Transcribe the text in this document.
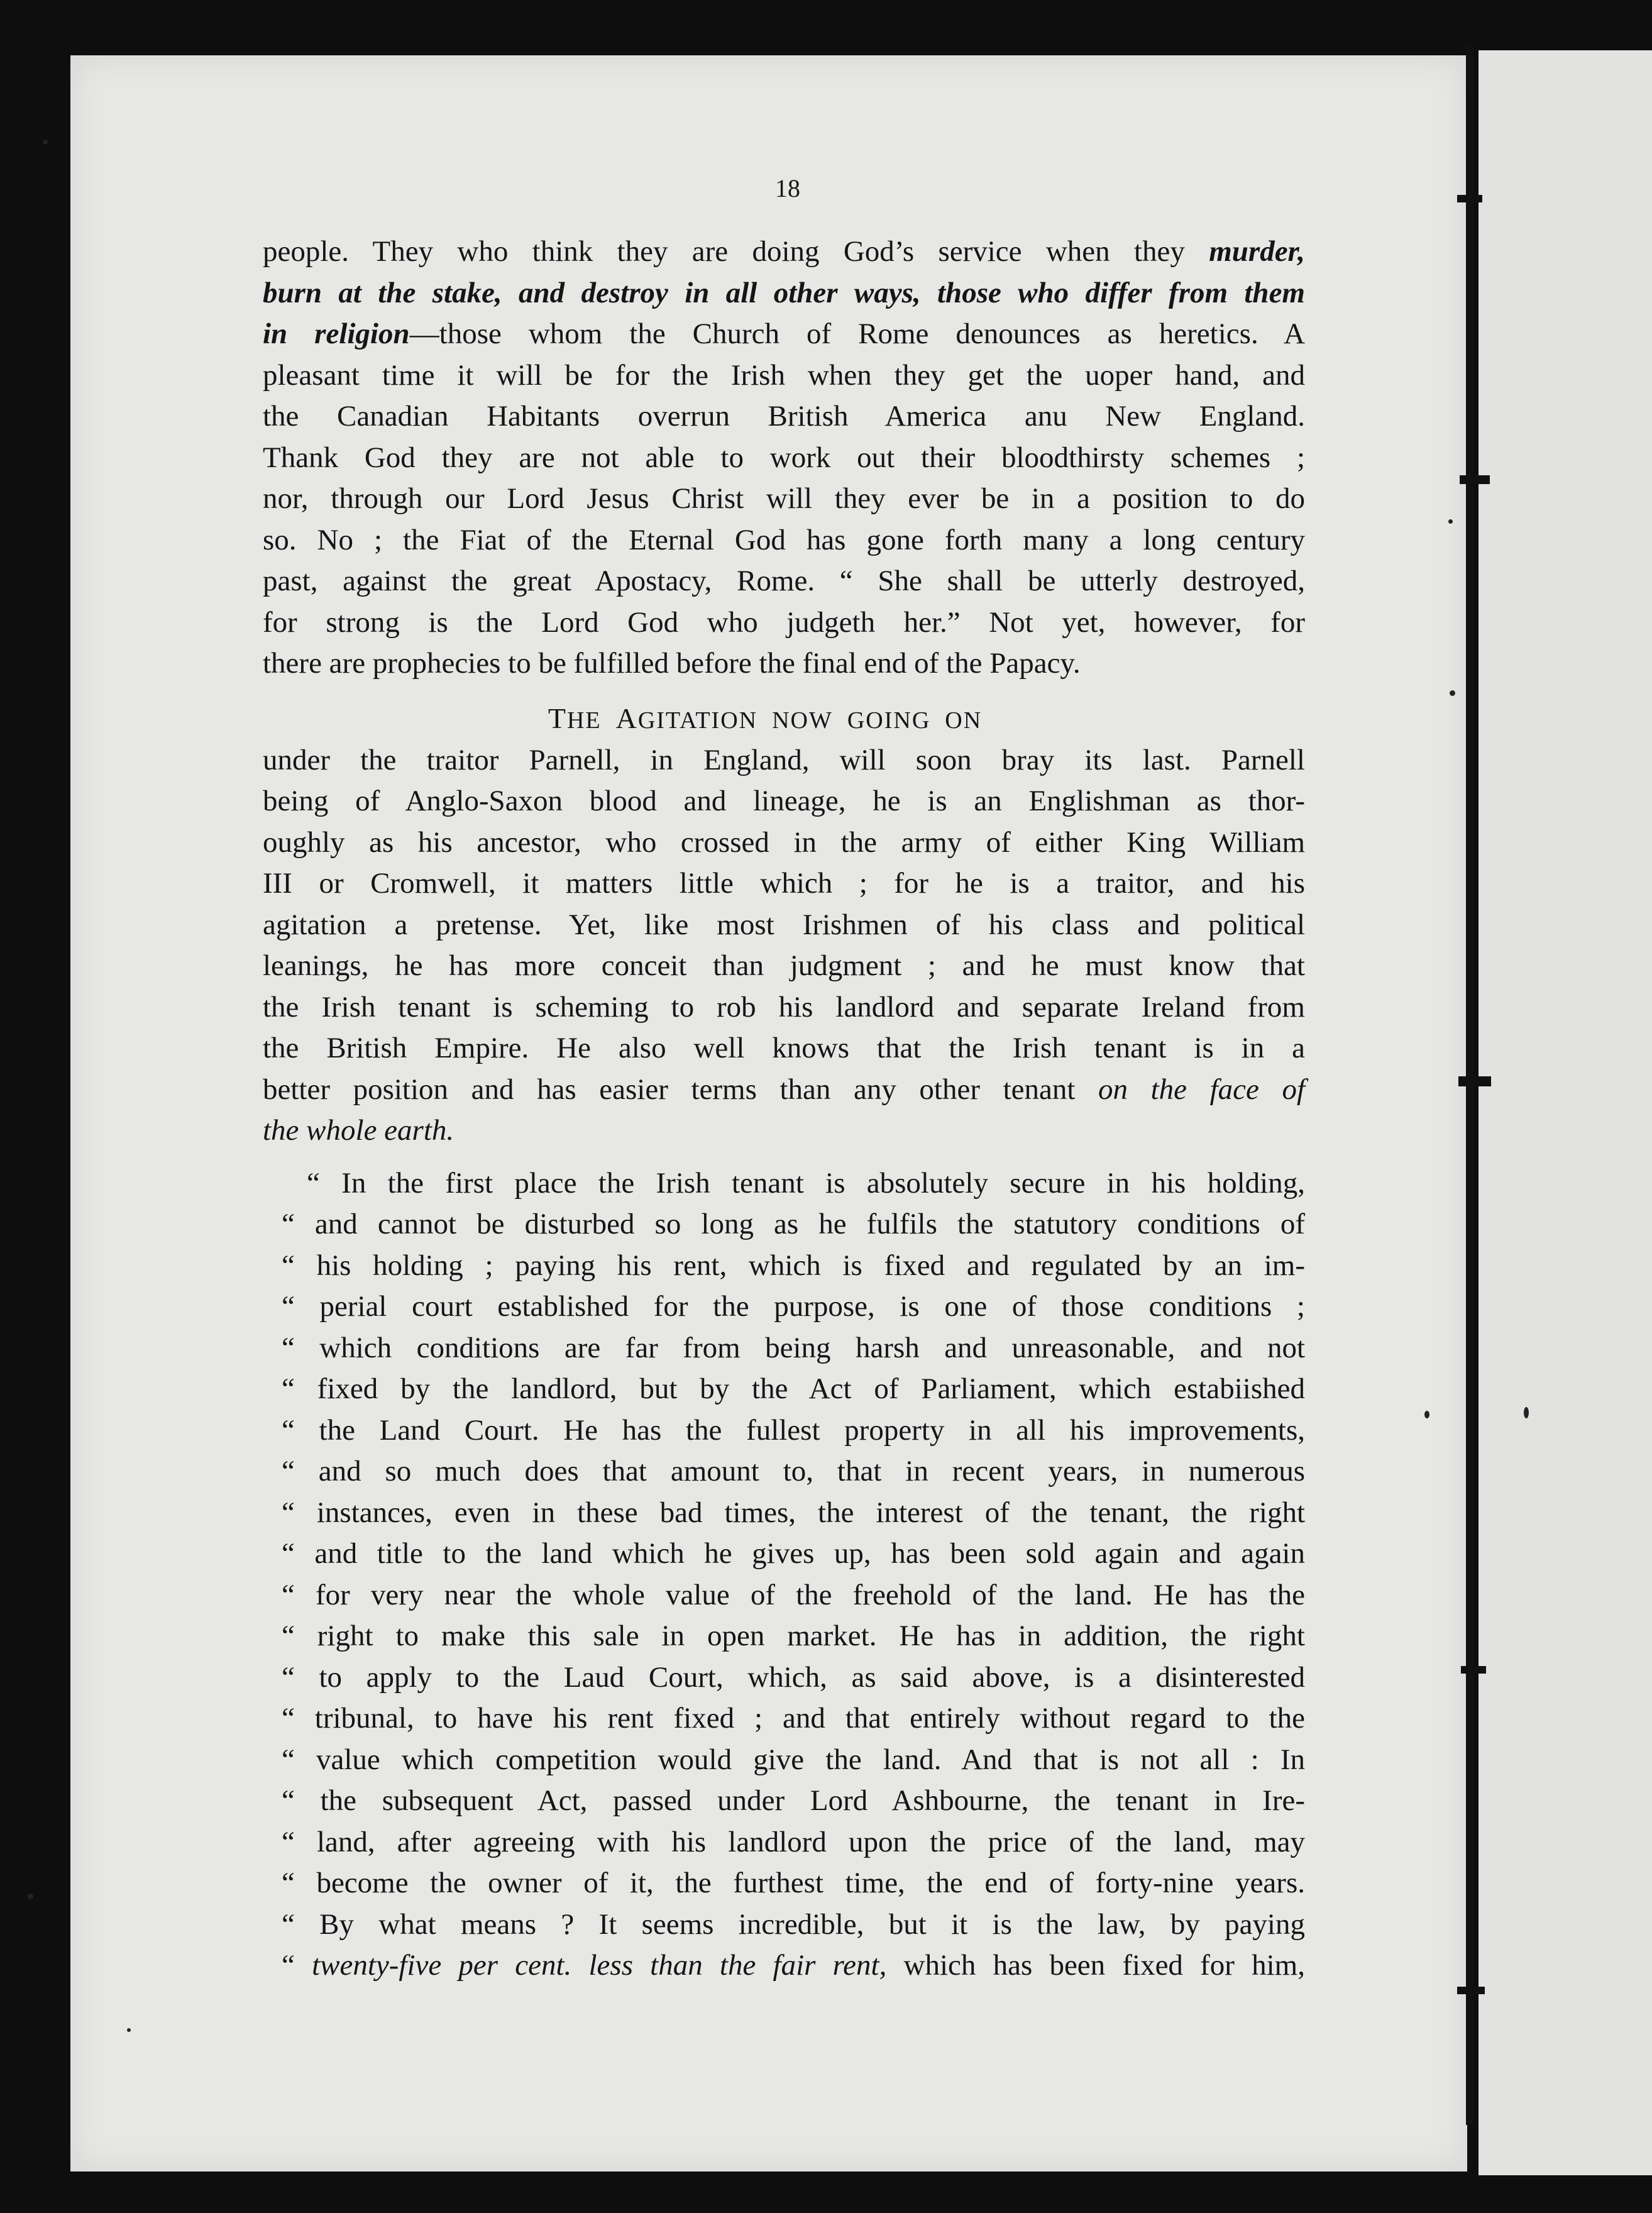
18
people. They who think they are doing God’s service when they murder,
burn at the stake, and destroy in all other ways, those who differ from them
in religion—those whom the Church of Rome denounces as heretics. A
pleasant time it will be for the Irish when they get the uoper hand, and
the Canadian Habitants overrun British America anu New England.
Thank God they are not able to work out their bloodthirsty schemes ;
nor, through our Lord Jesus Christ will they ever be in a position to do
so. No ; the Fiat of the Eternal God has gone forth many a long century
past, against the great Apostacy, Rome. “ She shall be utterly destroyed,
for strong is the Lord God who judgeth her.” Not yet, however, for
there are prophecies to be fulfilled before the final end of the Papacy.
THE AGITATION NOW GOING ON
under the traitor Parnell, in England, will soon bray its last. Parnell
being of Anglo-Saxon blood and lineage, he is an Englishman as thor-
oughly as his ancestor, who crossed in the army of either King William
III or Cromwell, it matters little which ; for he is a traitor, and his
agitation a pretense. Yet, like most Irishmen of his class and political
leanings, he has more conceit than judgment ; and he must know that
the Irish tenant is scheming to rob his landlord and separate Ireland from
the British Empire. He also well knows that the Irish tenant is in a
better position and has easier terms than any other tenant on the face of
the whole earth.
“ In the first place the Irish tenant is absolutely secure in his holding,
“ and cannot be disturbed so long as he fulfils the statutory conditions of
“ his holding ; paying his rent, which is fixed and regulated by an im-
“ perial court established for the purpose, is one of those conditions ;
“ which conditions are far from being harsh and unreasonable, and not
“ fixed by the landlord, but by the Act of Parliament, which estabiished
“ the Land Court. He has the fullest property in all his improvements,
“ and so much does that amount to, that in recent years, in numerous
“ instances, even in these bad times, the interest of the tenant, the right
“ and title to the land which he gives up, has been sold again and again
“ for very near the whole value of the freehold of the land. He has the
“ right to make this sale in open market. He has in addition, the right
“ to apply to the Laud Court, which, as said above, is a disinterested
“ tribunal, to have his rent fixed ; and that entirely without regard to the
“ value which competition would give the land. And that is not all : In
“ the subsequent Act, passed under Lord Ashbourne, the tenant in Ire-
“ land, after agreeing with his landlord upon the price of the land, may
“ become the owner of it, the furthest time, the end of forty-nine years.
“ By what means ? It seems incredible, but it is the law, by paying
“ twenty-five per cent. less than the fair rent, which has been fixed for him,
